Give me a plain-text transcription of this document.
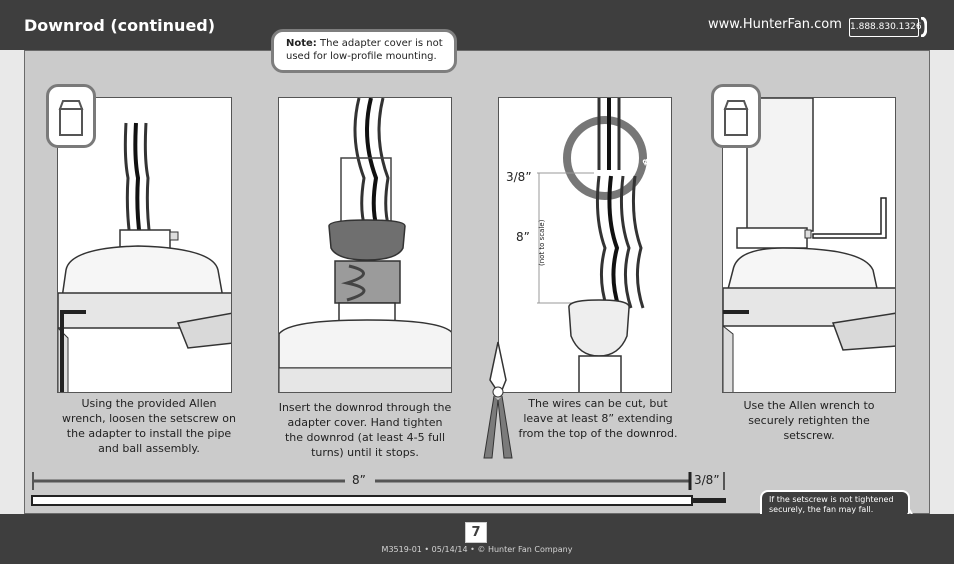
Downrod (continued)	www.HunterFan.com 1.888.830.1326
Note: The adapter cover is not used for low-profile mounting.
Using the provided Allen wrench, loosen the setscrew on the adapter to install the pipe and ball assembly.
Insert the downrod through the adapter cover. Hand tighten the downrod (at least 4-5 full turns) until it stops.
3/8”
8” (not to scale)
CUT
& STRIP
The wires can be cut, but leave at least 8” extending from the top of the downrod.
Use the Allen wrench to securely retighten the setscrew.
8”	3/8”
If the setscrew is not tightened securely, the fan may fall.
7
M3519-01 • 05/14/14 • © Hunter Fan Company
